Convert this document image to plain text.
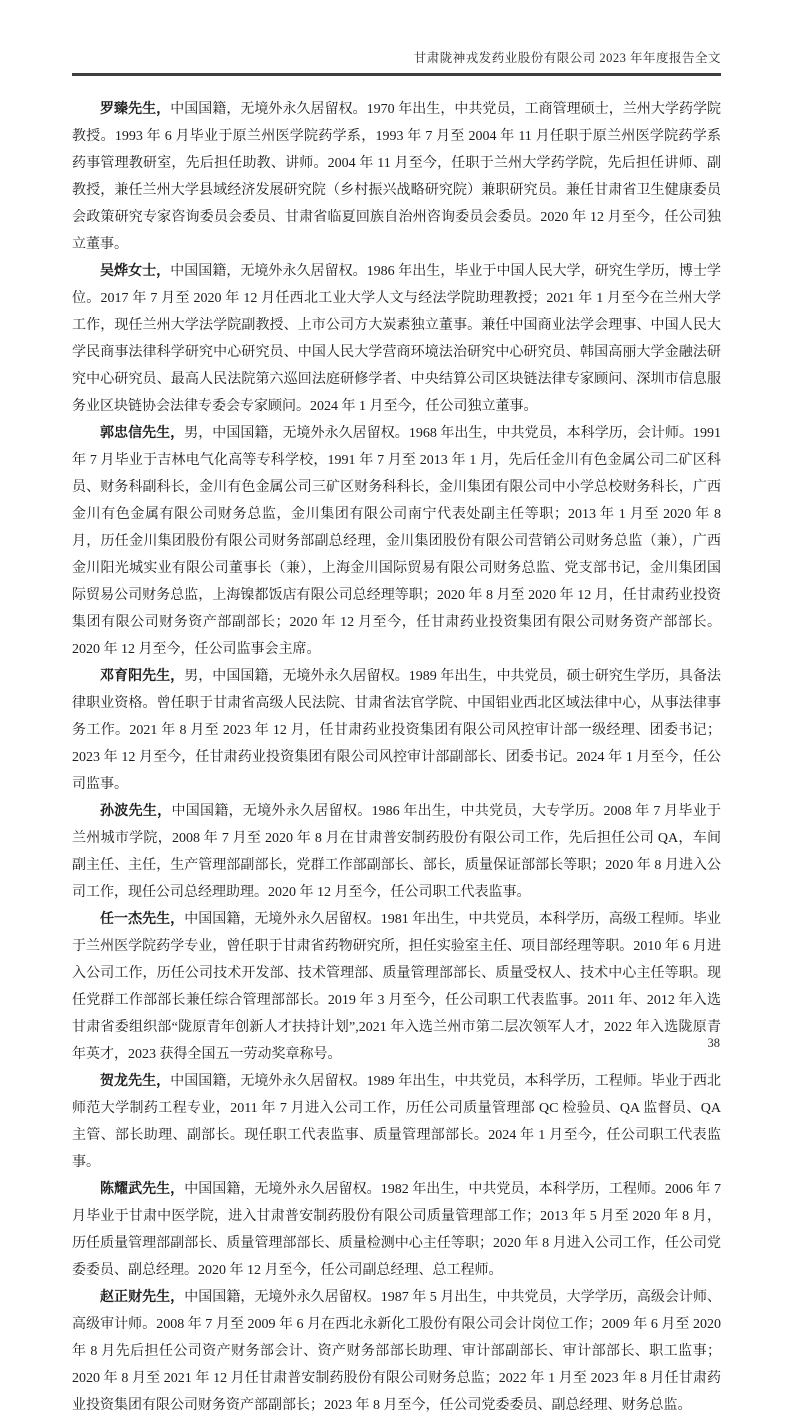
甘肃陇神戎发药业股份有限公司 2023 年年度报告全文

罗臻先生，中国国籍，无境外永久居留权。1970 年出生，中共党员，工商管理硕士，兰州大学药学院教授。1993 年 6 月毕业于原兰州医学院药学系，1993 年 7 月至 2004 年 11 月任职于原兰州医学院药学系药事管理教研室，先后担任助教、讲师。2004 年 11 月至今，任职于兰州大学药学院，先后担任讲师、副教授，兼任兰州大学县域经济发展研究院（乡村振兴战略研究院）兼职研究员。兼任甘肃省卫生健康委员会政策研究专家咨询委员会委员、甘肃省临夏回族自治州咨询委员会委员。2020 年 12 月至今，任公司独立董事。

吴烨女士，中国国籍，无境外永久居留权。1986 年出生，毕业于中国人民大学，研究生学历，博士学位。2017 年 7 月至 2020 年 12 月任西北工业大学人文与经法学院助理教授；2021 年 1 月至今在兰州大学工作，现任兰州大学法学院副教授、上市公司方大炭素独立董事。兼任中国商业法学会理事、中国人民大学民商事法律科学研究中心研究员、中国人民大学营商环境法治研究中心研究员、韩国高丽大学金融法研究中心研究员、最高人民法院第六巡回法庭研修学者、中央结算公司区块链法律专家顾问、深圳市信息服务业区块链协会法律专委会专家顾问。2024 年 1 月至今，任公司独立董事。

郭忠信先生，男，中国国籍，无境外永久居留权。1968 年出生，中共党员，本科学历，会计师。1991 年 7 月毕业于吉林电气化高等专科学校，1991 年 7 月至 2013 年 1 月，先后任金川有色金属公司二矿区科员、财务科副科长，金川有色金属公司三矿区财务科科长，金川集团有限公司中小学总校财务科长，广西金川有色金属有限公司财务总监，金川集团有限公司南宁代表处副主任等职；2013 年 1 月至 2020 年 8 月，历任金川集团股份有限公司财务部副总经理，金川集团股份有限公司营销公司财务总监（兼），广西金川阳光城实业有限公司董事长（兼），上海金川国际贸易有限公司财务总监、党支部书记，金川集团国际贸易公司财务总监，上海镍都饭店有限公司总经理等职；2020 年 8 月至 2020 年 12 月，任甘肃药业投资集团有限公司财务资产部副部长；2020 年 12 月至今，任甘肃药业投资集团有限公司财务资产部部长。2020 年 12 月至今，任公司监事会主席。

邓育阳先生，男，中国国籍，无境外永久居留权。1989 年出生，中共党员，硕士研究生学历，具备法律职业资格。曾任职于甘肃省高级人民法院、甘肃省法官学院、中国铝业西北区域法律中心，从事法律事务工作。2021 年 8 月至 2023 年 12 月，任甘肃药业投资集团有限公司风控审计部一级经理、团委书记；2023 年 12 月至今，任甘肃药业投资集团有限公司风控审计部副部长、团委书记。2024 年 1 月至今，任公司监事。

孙波先生，中国国籍，无境外永久居留权。1986 年出生，中共党员，大专学历。2008 年 7 月毕业于兰州城市学院，2008 年 7 月至 2020 年 8 月在甘肃普安制药股份有限公司工作，先后担任公司 QA，车间副主任、主任，生产管理部副部长，党群工作部副部长、部长，质量保证部部长等职；2020 年 8 月进入公司工作，现任公司总经理助理。2020 年 12 月至今，任公司职工代表监事。

任一杰先生，中国国籍，无境外永久居留权。1981 年出生，中共党员，本科学历，高级工程师。毕业于兰州医学院药学专业，曾任职于甘肃省药物研究所，担任实验室主任、项目部经理等职。2010 年 6 月进入公司工作，历任公司技术开发部、技术管理部、质量管理部部长、质量受权人、技术中心主任等职。现任党群工作部部长兼任综合管理部部长。2019 年 3 月至今，任公司职工代表监事。2011 年、2012 年入选甘肃省委组织部“陇原青年创新人才扶持计划”,2021 年入选兰州市第二层次领军人才，2022 年入选陇原青年英才，2023 获得全国五一劳动奖章称号。

贺龙先生，中国国籍，无境外永久居留权。1989 年出生，中共党员，本科学历，工程师。毕业于西北师范大学制药工程专业，2011 年 7 月进入公司工作，历任公司质量管理部 QC 检验员、QA 监督员、QA 主管、部长助理、副部长。现任职工代表监事、质量管理部部长。2024 年 1 月至今，任公司职工代表监事。

陈耀武先生，中国国籍，无境外永久居留权。1982 年出生，中共党员，本科学历，工程师。2006 年 7 月毕业于甘肃中医学院，进入甘肃普安制药股份有限公司质量管理部工作；2013 年 5 月至 2020 年 8 月，历任质量管理部副部长、质量管理部部长、质量检测中心主任等职；2020 年 8 月进入公司工作，任公司党委委员、副总经理。2020 年 12 月至今，任公司副总经理、总工程师。

赵正财先生，中国国籍，无境外永久居留权。1987 年 5 月出生，中共党员，大学学历，高级会计师、高级审计师。2008 年 7 月至 2009 年 6 月在西北永新化工股份有限公司会计岗位工作；2009 年 6 月至 2020 年 8 月先后担任公司资产财务部会计、资产财务部部长助理、审计部副部长、审计部部长、职工监事；2020 年 8 月至 2021 年 12 月任甘肃普安制药股份有限公司财务总监；2022 年 1 月至 2023 年 8 月任甘肃药业投资集团有限公司财务资产部副部长；2023 年 8 月至今，任公司党委委员、副总经理、财务总监。

38
